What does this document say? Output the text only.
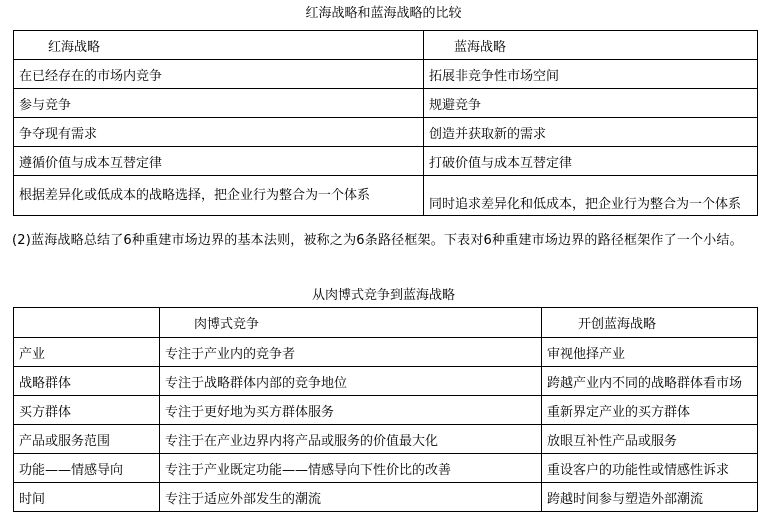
红海战略和蓝海战略的比较
红海战略	蓝海战略
在已经存在的市场内竞争	拓展非竞争性市场空间
参与竞争	规避竞争
争夺现有需求	创造并获取新的需求
遵循价值与成本互替定律	打破价值与成本互替定律
根据差异化或低成本的战略选择，把企业行为整合为一个体系	同时追求差异化和低成本，把企业行为整合为一个体系
(2)蓝海战略总结了6种重建市场边界的基本法则，被称之为6条路径框架。下表对6种重建市场边界的路径框架作了一个小结。
从肉博式竞争到蓝海战略
	肉博式竞争	开创蓝海战略
产业	专注于产业内的竞争者	审视他择产业
战略群体	专注于战略群体内部的竞争地位	跨越产业内不同的战略群体看市场
买方群体	专注于更好地为买方群体服务	重新界定产业的买方群体
产品或服务范围	专注于在产业边界内将产品或服务的价值最大化	放眼互补性产品或服务
功能——情感导向	专注于产业既定功能——情感导向下性价比的改善	重设客户的功能性或情感性诉求
时间	专注于适应外部发生的潮流	跨越时间参与塑造外部潮流
